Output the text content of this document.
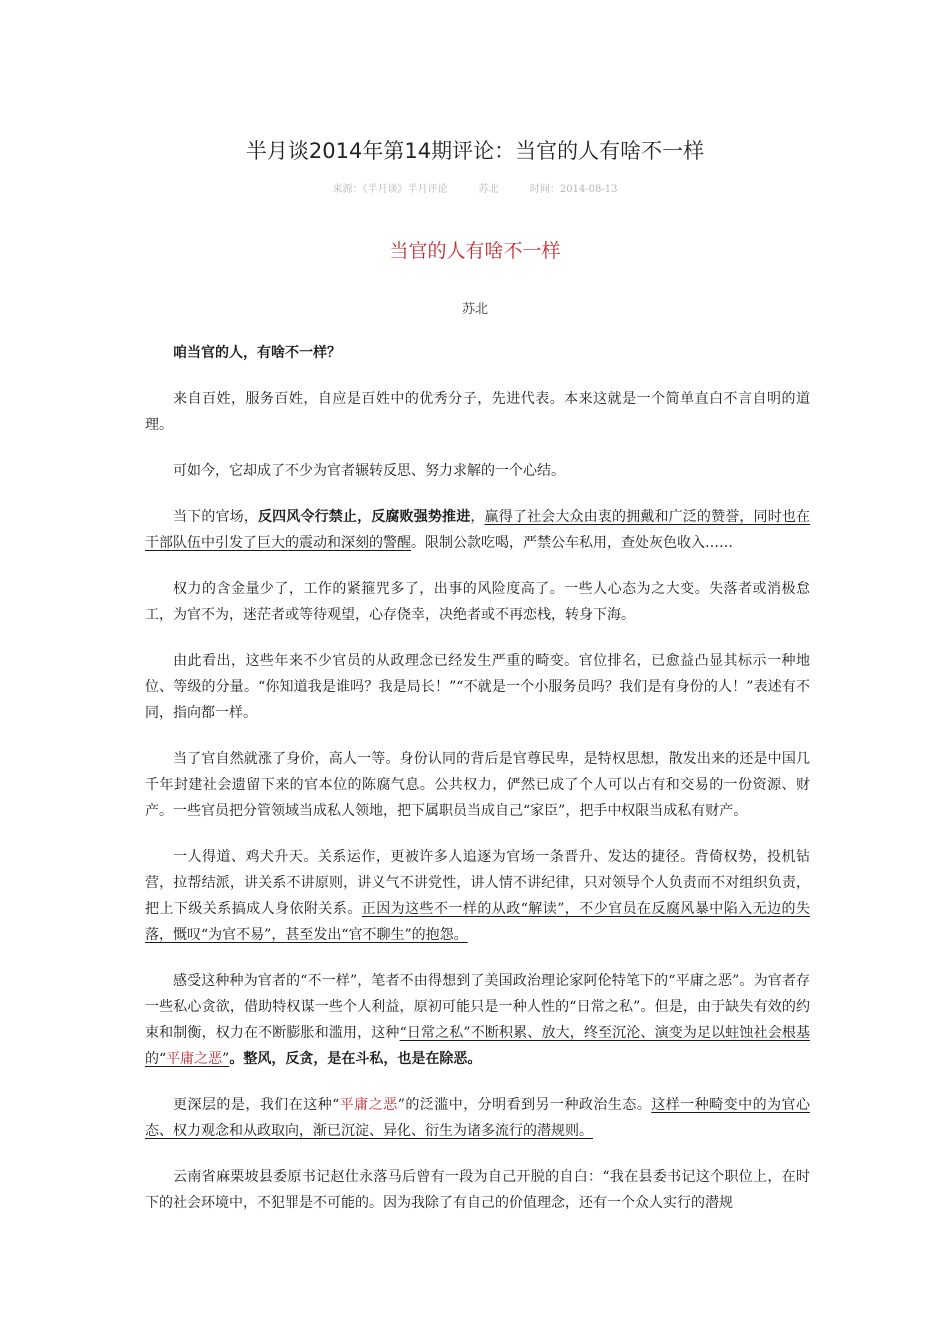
半月谈2014年第14期评论：当官的人有啥不一样
来源：《半月谈》半月评论	苏北	时间：2014-08-13
当官的人有啥不一样
苏北

咱当官的人，有啥不一样？

来自百姓，服务百姓，自应是百姓中的优秀分子，先进代表。本来这就是一个简单直白不言自明的道理。

可如今，它却成了不少为官者辗转反思、努力求解的一个心结。

当下的官场，反四风令行禁止，反腐败强势推进，赢得了社会大众由衷的拥戴和广泛的赞誉，同时也在干部队伍中引发了巨大的震动和深刻的警醒。限制公款吃喝，严禁公车私用，查处灰色收入……

权力的含金量少了，工作的紧箍咒多了，出事的风险度高了。一些人心态为之大变。失落者或消极怠工，为官不为，迷茫者或等待观望，心存侥幸，决绝者或不再恋栈，转身下海。

由此看出，这些年来不少官员的从政理念已经发生严重的畸变。官位排名，已愈益凸显其标示一种地位、等级的分量。“你知道我是谁吗？我是局长！”“不就是一个小服务员吗？我们是有身份的人！”表述有不同，指向都一样。

当了官自然就涨了身价，高人一等。身份认同的背后是官尊民卑，是特权思想，散发出来的还是中国几千年封建社会遗留下来的官本位的陈腐气息。公共权力，俨然已成了个人可以占有和交易的一份资源、财产。一些官员把分管领域当成私人领地，把下属职员当成自己“家臣”，把手中权限当成私有财产。

一人得道、鸡犬升天。关系运作，更被许多人追逐为官场一条晋升、发达的捷径。背倚权势，投机钻营，拉帮结派，讲关系不讲原则，讲义气不讲党性，讲人情不讲纪律，只对领导个人负责而不对组织负责，把上下级关系搞成人身依附关系。正因为这些不一样的从政“解读”，不少官员在反腐风暴中陷入无边的失落，慨叹“为官不易”，甚至发出“官不聊生”的抱怨。

感受这种种为官者的“不一样”，笔者不由得想到了美国政治理论家阿伦特笔下的“平庸之恶”。为官者存一些私心贪欲，借助特权谋一些个人利益，原初可能只是一种人性的“日常之私”。但是，由于缺失有效的约束和制衡，权力在不断膨胀和滥用，这种“日常之私”不断积累、放大，终至沉沦、演变为足以蛀蚀社会根基的“平庸之恶”。整风，反贪，是在斗私，也是在除恶。

更深层的是，我们在这种“平庸之恶”的泛滥中，分明看到另一种政治生态。这样一种畸变中的为官心态、权力观念和从政取向，渐已沉淀、异化、衍生为诸多流行的潜规则。

云南省麻栗坡县委原书记赵仕永落马后曾有一段为自己开脱的自白：“我在县委书记这个职位上，在时下的社会环境中，不犯罪是不可能的。因为我除了有自己的价值理念，还有一个众人实行的潜规
